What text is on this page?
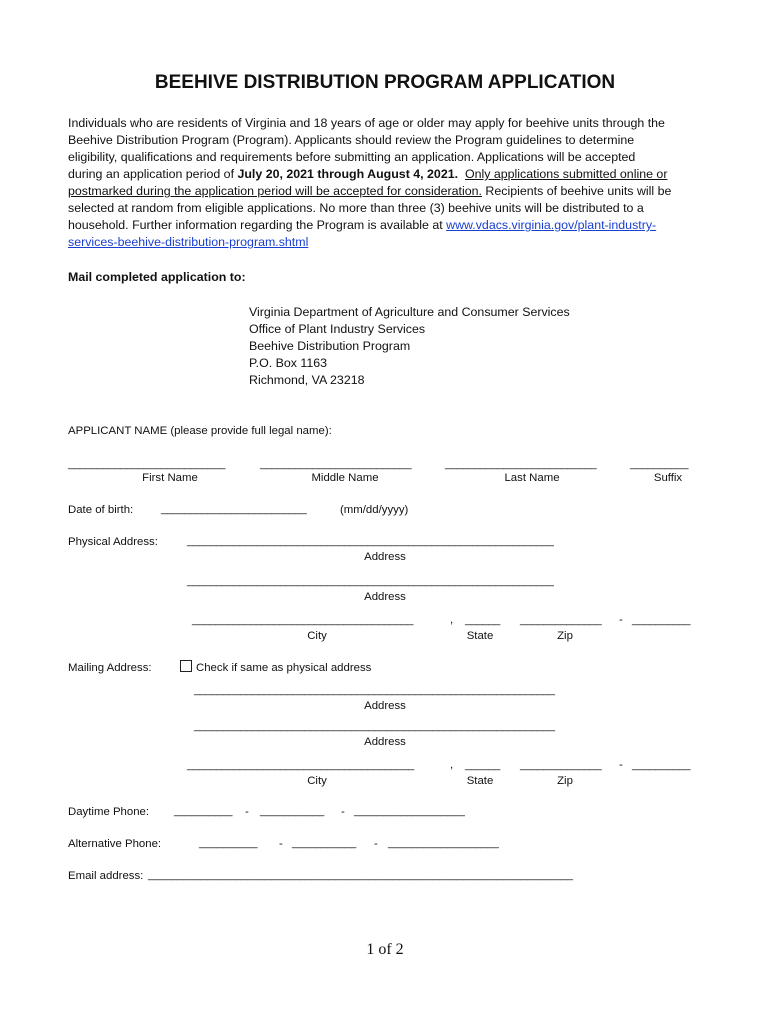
BEEHIVE DISTRIBUTION PROGRAM APPLICATION

Individuals who are residents of Virginia and 18 years of age or older may apply for beehive units through the

Beehive Distribution Program (Program). Applicants should review the Program guidelines to determine

eligibility, qualifications and requirements before submitting an application. Applications will be accepted

during an application period of July 20, 2021 through August 4, 2021. Only applications submitted online or

postmarked during the application period will be accepted for consideration. Recipients of beehive units will be

selected at random from eligible applications. No more than three (3) beehive units will be distributed to a

household. Further information regarding the Program is available at www.vdacs.virginia.gov/plant-industry-

services-beehive-distribution-program.shtml

Mail completed application to:
Virginia Department of Agriculture and Consumer Services
Office of Plant Industry Services
Beehive Distribution Program
P.O. Box 1163
Richmond, VA 23218
APPLICANT NAME (please provide full legal name):
___________________________	__________________________	__________________________	__________
First Name	Middle Name	Last Name	Suffix
Date of birth:	_________________________	(mm/dd/yyyy)
Physical Address:	_______________________________________________________________
Address
_______________________________________________________________
Address
______________________________________	, ______ ______________ - __________
City	State	Zip
Mailing Address:	Check if same as physical address
______________________________________________________________
Address
______________________________________________________________
Address
_______________________________________	, ______ ______________ - __________
City	State	Zip
Daytime Phone: __________ - ___________ - ___________________
Alternative Phone:	__________ - ___________ - ___________________
Email address: _________________________________________________________________________
1 of 2
